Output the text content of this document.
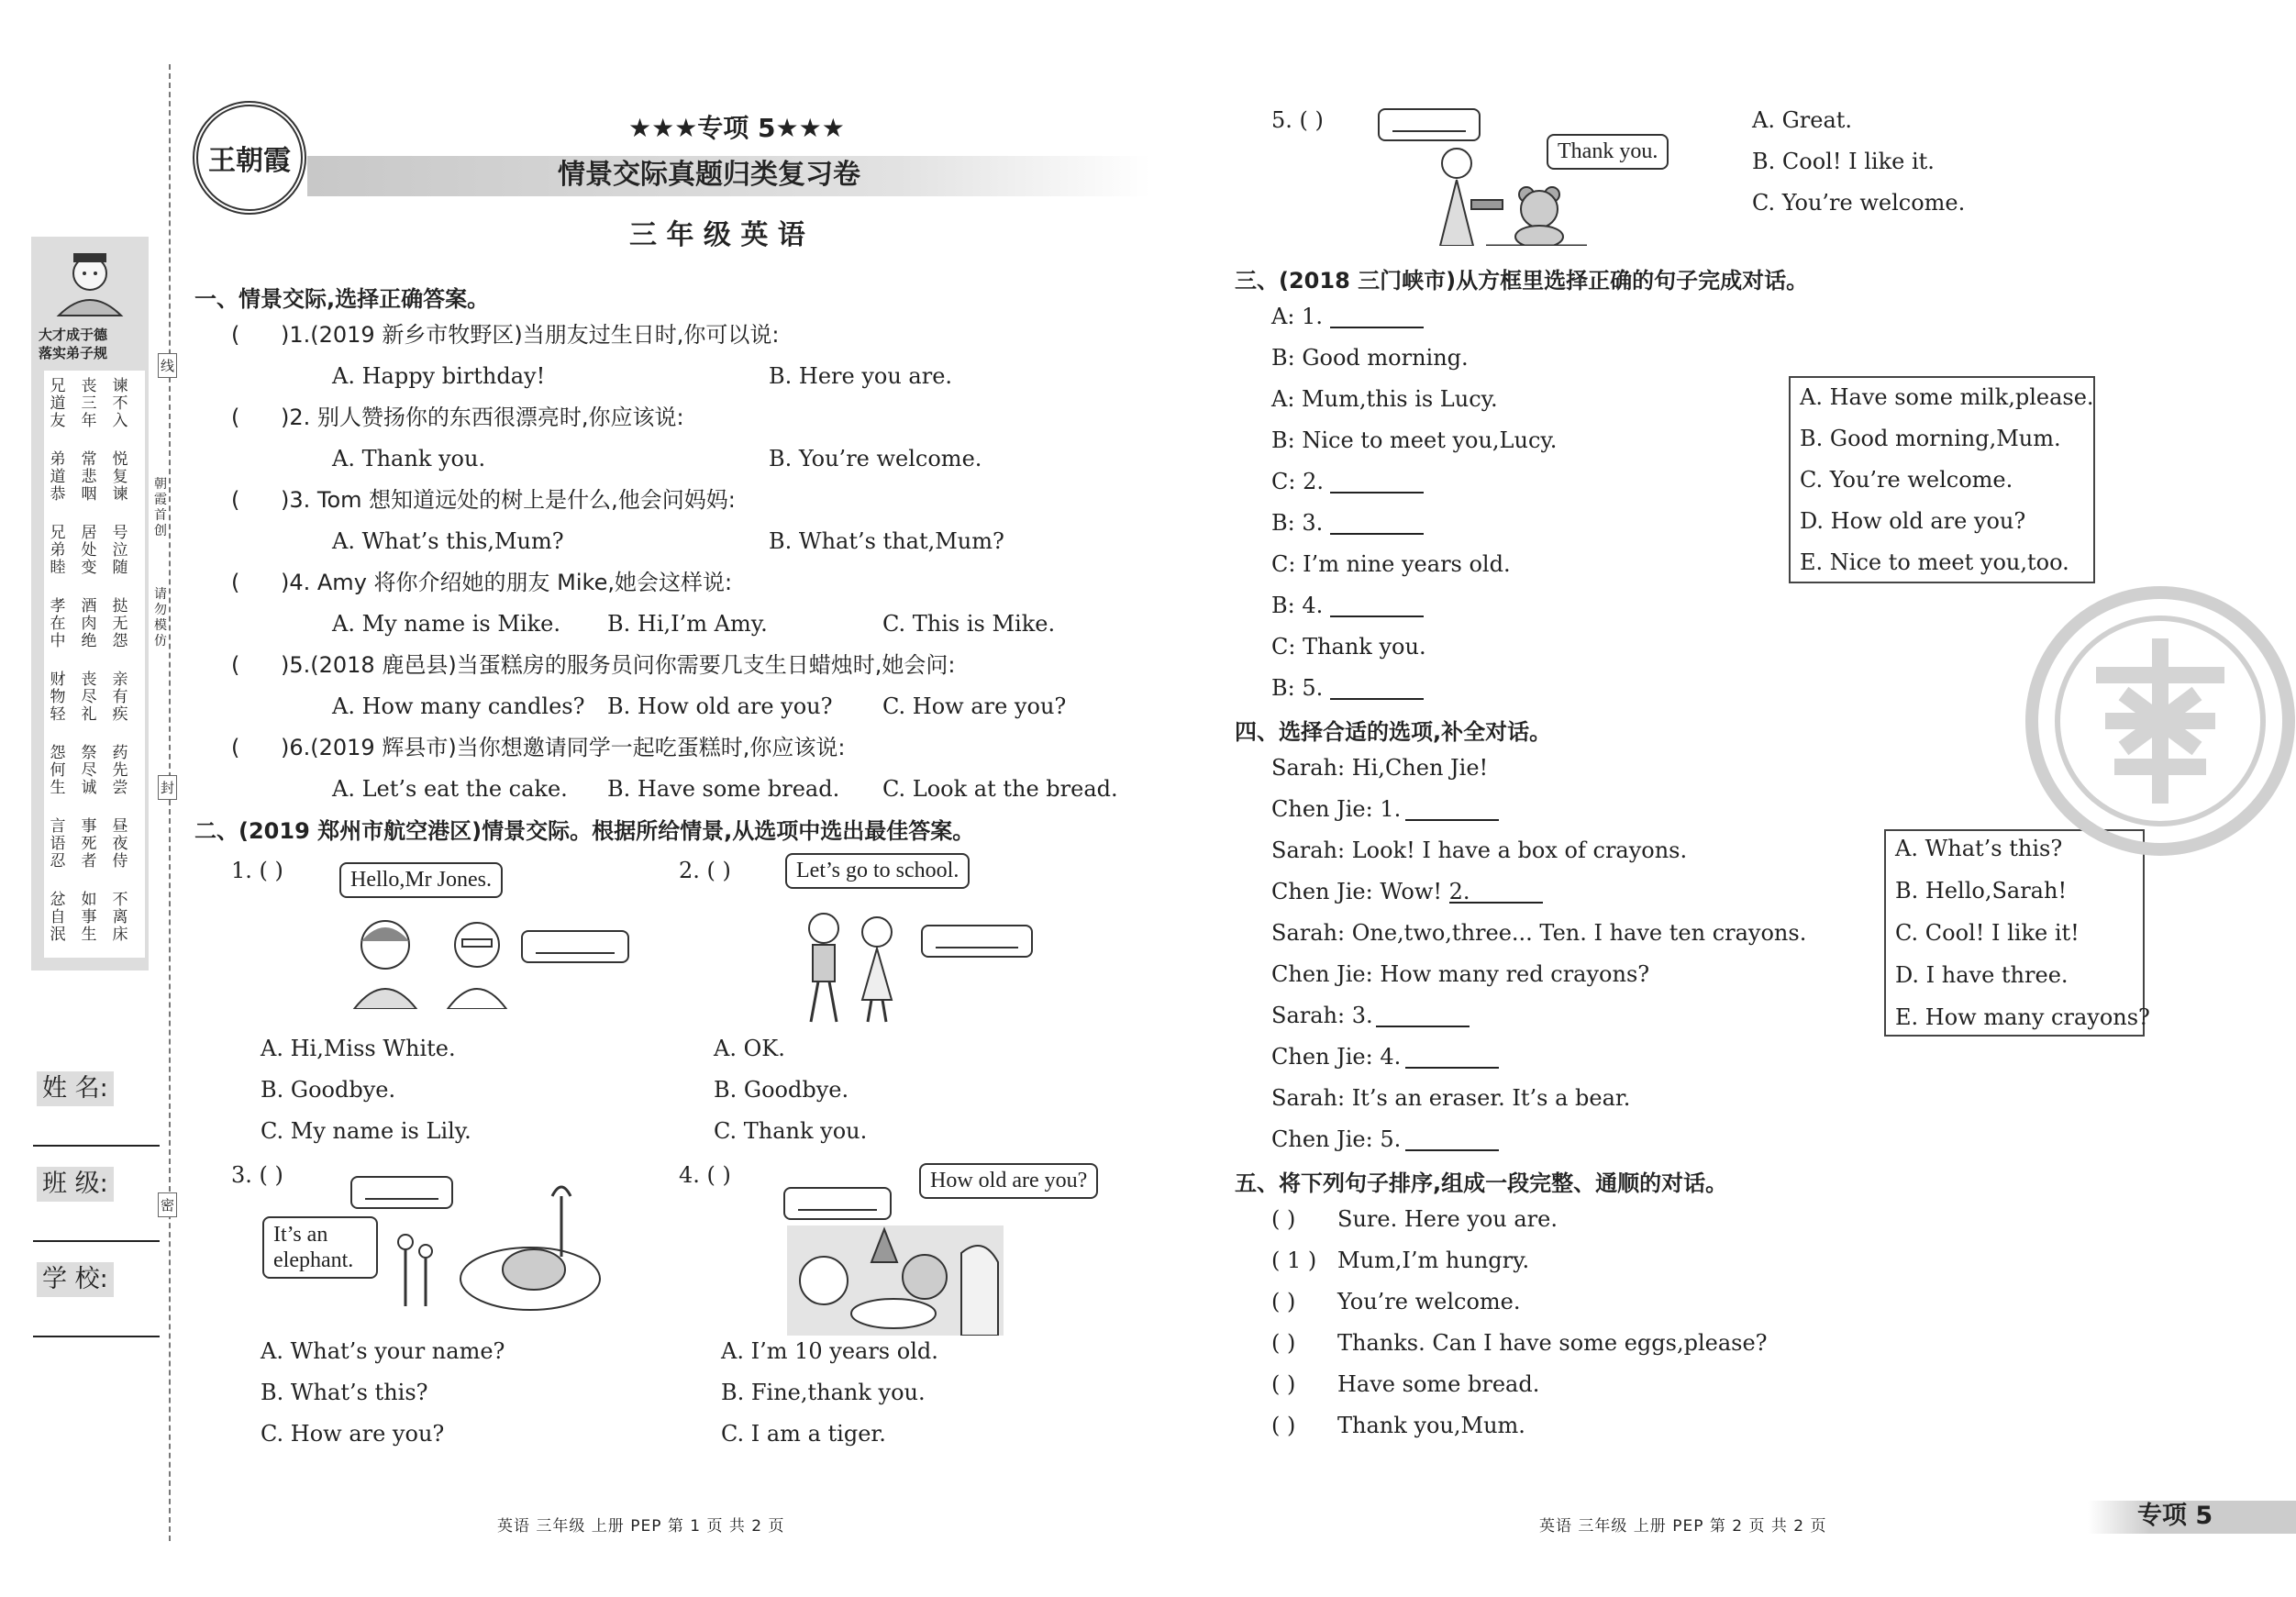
线
朝霞首创
请勿模仿
封
密
大才成于德
落实弟子规
兄道友
丧三年
谏不入
弟道恭
常悲咽
悦复谏
兄弟睦
居处变
号泣随
孝在中
酒肉绝
挞无怨
财物轻
丧尽礼
亲有疾
怨何生
祭尽诚
药先尝
言语忍
事死者
昼夜侍
忿自泯
如事生
不离床
姓 名:
班 级:
学 校:
王朝霞
★★★专项 5★★★
情景交际真题归类复习卷
三 年 级 英 语
一、情景交际,选择正确答案。
( )1.(2019 新乡市牧野区)当朋友过生日时,你可以说:
A. Happy birthday!	B. Here you are.
( )2. 别人赞扬你的东西很漂亮时,你应该说:
A. Thank you.	B. You’re welcome.
( )3. Tom 想知道远处的树上是什么,他会问妈妈:
A. What’s this,Mum?	B. What’s that,Mum?
( )4. Amy 将你介绍她的朋友 Mike,她会这样说:
A. My name is Mike. B. Hi,I’m Amy.	C. This is Mike.
( )5.(2018 鹿邑县)当蛋糕房的服务员问你需要几支生日蜡烛时,她会问:
A. How many candles? B. How old are you? C. How are you?
( )6.(2019 辉县市)当你想邀请同学一起吃蛋糕时,你应该说:
A. Let’s eat the cake. B. Have some bread. C. Look at the bread.
二、(2019 郑州市航空港区)情景交际。根据所给情景,从选项中选出最佳答案。
1. ( )	Hello,Mr Jones.
A. Hi,Miss White.
B. Goodbye.
C. My name is Lily.
2. ( )	Let’s go to school.
A. OK.
B. Goodbye.
C. Thank you.
3. ( )
It’s an elephant.
A. What’s your name?
B. What’s this?
C. How are you?
4. ( )	How old are you?
A. I’m 10 years old.
B. Fine,thank you.
C. I am a tiger.
5. ( )
Thank you.
A. Great.
B. Cool! I like it.
C. You’re welcome.
三、(2018 三门峡市)从方框里选择正确的句子完成对话。
A: 1.
B: Good morning.
A: Mum,this is Lucy.
B: Nice to meet you,Lucy.
C: 2.
B: 3.
C: I’m nine years old.
B: 4.
C: Thank you.
B: 5.
A. Have some milk,please.
B. Good morning,Mum.
C. You’re welcome.
D. How old are you?
E. Nice to meet you,too.
四、选择合适的选项,补全对话。
Sarah: Hi,Chen Jie!
Chen Jie: 1.
Sarah: Look! I have a box of crayons.
Chen Jie: Wow! 2.
Sarah: One,two,three... Ten. I have ten crayons.
Chen Jie: How many red crayons?
Sarah: 3.
Chen Jie: 4.
Sarah: It’s an eraser. It’s a bear.
Chen Jie: 5.
A. What’s this?
B. Hello,Sarah!
C. Cool! I like it!
D. I have three.
E. How many crayons?
五、将下列句子排序,组成一段完整、通顺的对话。
( ) Sure. Here you are.
( 1 ) Mum,I’m hungry.
( ) You’re welcome.
( ) Thanks. Can I have some eggs,please?
( ) Have some bread.
( ) Thank you,Mum.
英语 三年级 上册 PEP 第 1 页 共 2 页	英语 三年级 上册 PEP 第 2 页 共 2 页	专项 5
